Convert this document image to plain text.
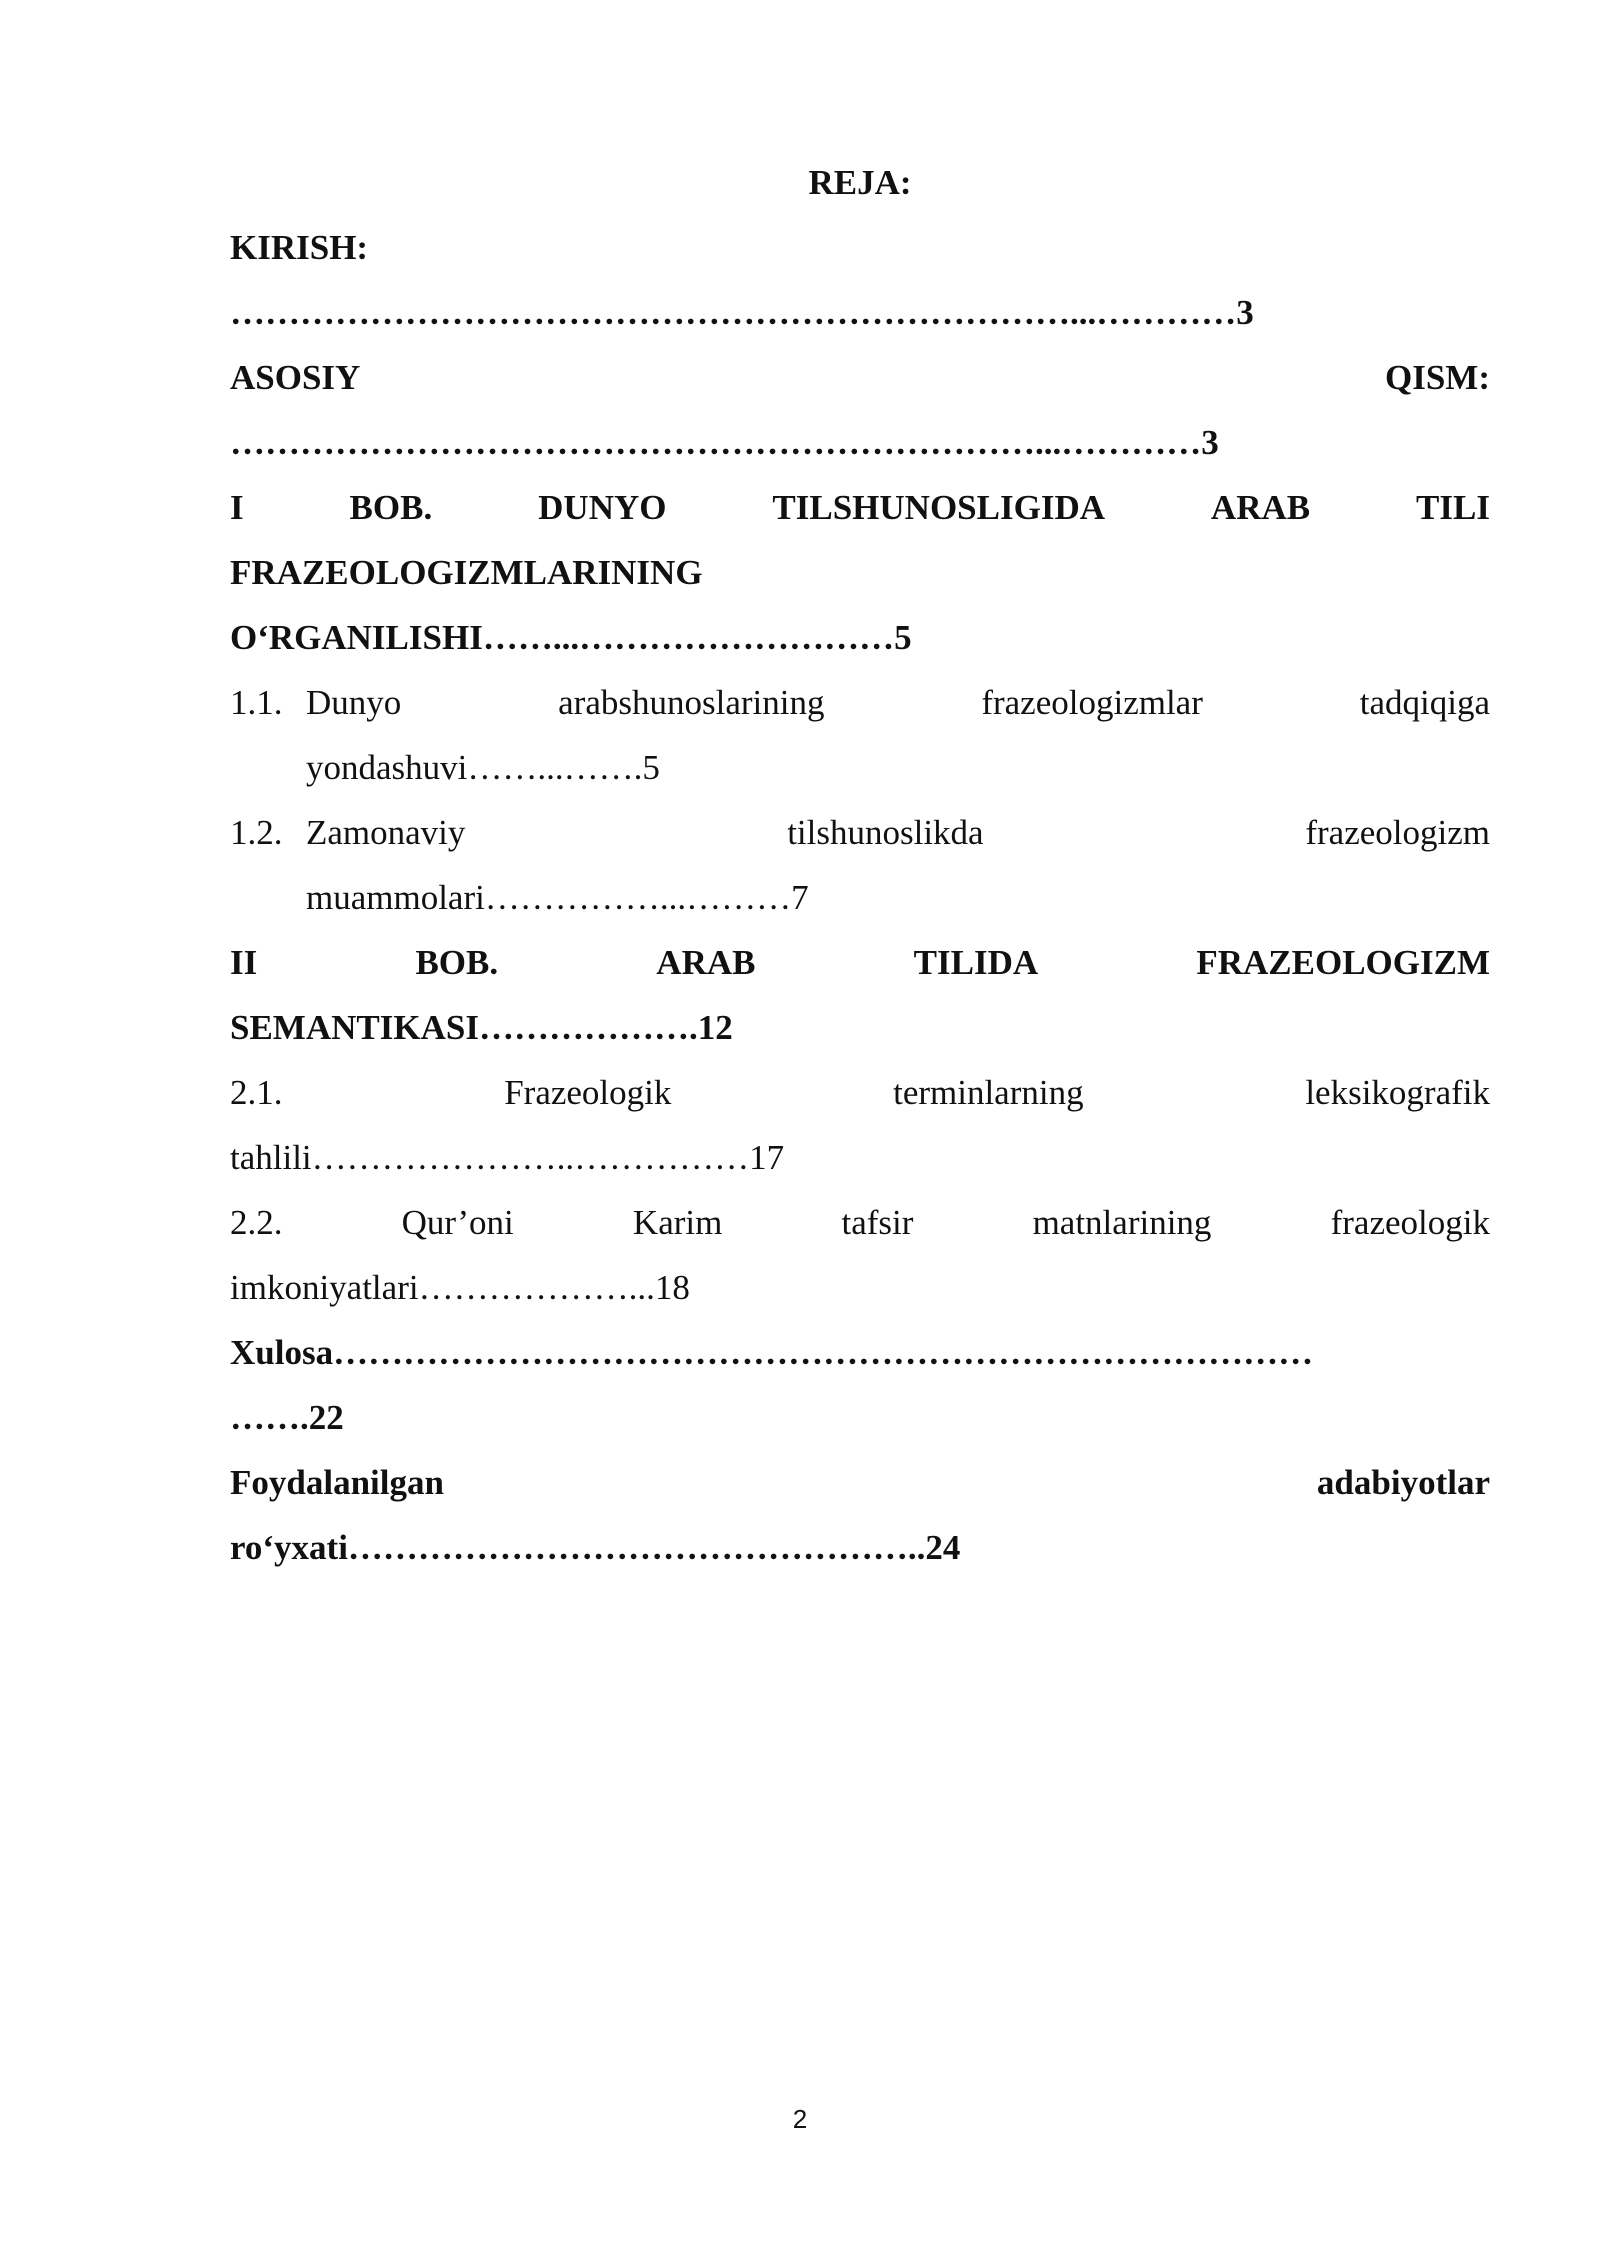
REJA:
KIRISH:
………………………………………………………………...…………3
ASOSIY	QISM:
……………………………………………………………...…………3
I	BOB.	DUNYO	TILSHUNOSLIGIDA	ARAB	TILI
FRAZEOLOGIZMLARINING
O‘RGANILISHI……...………………………5
1.1. Dunyo	arabshunoslarining	frazeologizmlar	tadqiqiga
yondashuvi……...…….5
1.2. Zamonaviy	tilshunoslikda	frazeologizm
muammolari……………...………7
II	BOB.	ARAB	TILIDA	FRAZEOLOGIZM
SEMANTIKASI……………….12
2.1.	Frazeologik	terminlarning	leksikografik
tahlili…………………..……………17
2.2.	Qur’oni	Karim	tafsir	matnlarining	frazeologik
imkoniyatlari………………...18
Xulosa…………………………………………………………………………
…….22
Foydalanilgan	adabiyotlar
ro‘yxati…………………………………………..24
2
